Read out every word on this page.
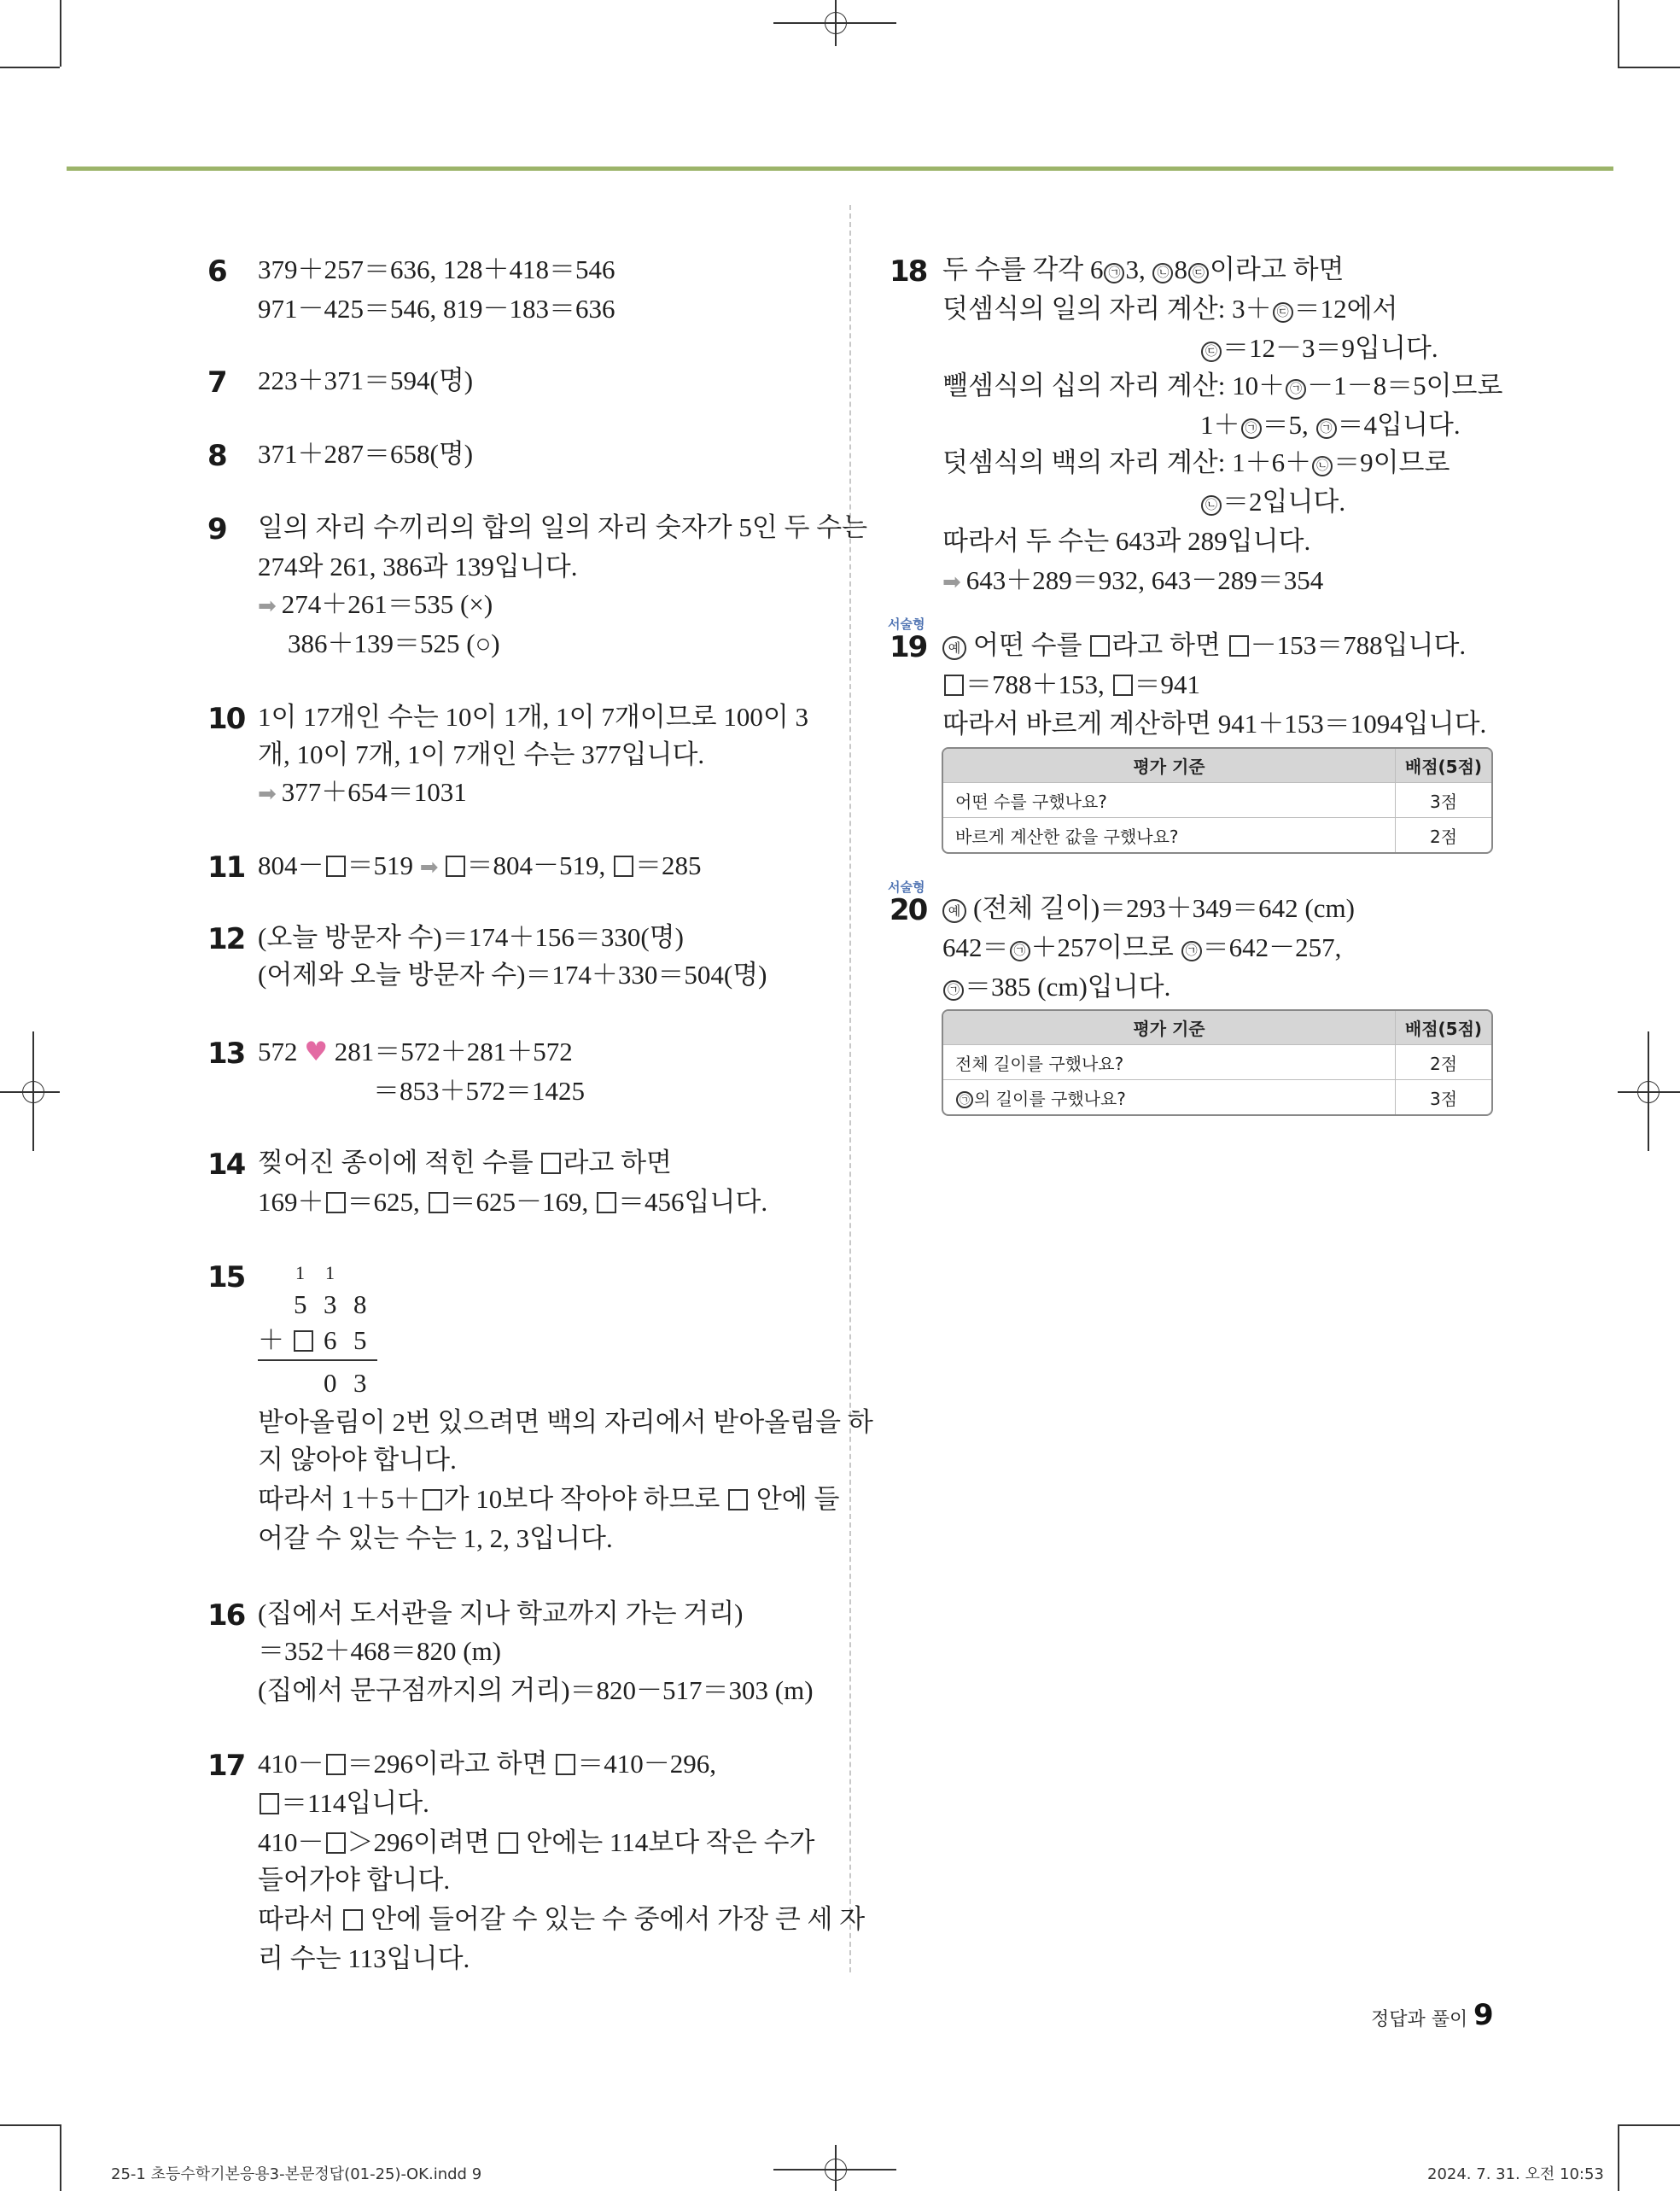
6 379＋257＝636, 128＋418＝546
971－425＝546, 819－183＝636
7 223＋371＝594(명)
8 371＋287＝658(명)
9 일의 자리 수끼리의 합의 일의 자리 숫자가 5인 두 수는
274와 261, 386과 139입니다.
➡ 274＋261＝535 (×)
386＋139＝525 (○)
10 1이 17개인 수는 10이 1개, 1이 7개이므로 100이 3
개, 10이 7개, 1이 7개인 수는 377입니다.
➡ 377＋654＝1031
11 804－ ＝519 ➡ ＝804－519, ＝285
12 (오늘 방문자 수)＝174＋156＝330(명)
(어제와 오늘 방문자 수)＝174＋330＝504(명)
13 572 ♥ 281＝572＋281＋572
＝853＋572＝1425
14 찢어진 종이에 적힌 수를 라고 하면
169＋ ＝625, ＝625－169, ＝456입니다.
15	1 1
5 3 8
＋ 6 5
0 3
받아올림이 2번 있으려면 백의 자리에서 받아올림을 하
지 않아야 합니다.
따라서 1＋5＋ 가 10보다 작아야 하므로 안에 들
어갈 수 있는 수는 1, 2, 3입니다.
16 (집에서 도서관을 지나 학교까지 가는 거리)
＝352＋468＝820 (m)
(집에서 문구점까지의 거리)＝820－517＝303 (m)
17 410－ ＝296이라고 하면 ＝410－296,
＝114입니다.
410－ ＞296이려면 안에는 114보다 작은 수가
들어가야 합니다.
따라서 안에 들어갈 수 있는 수 중에서 가장 큰 세 자
리 수는 113입니다.
18 두 수를 각각 6 ㉠ 3, ㉡ 8 ㉢ 이라고 하면
덧셈식의 일의 자리 계산: 3＋ ㉢ ＝12에서
㉢ ＝12－3＝9입니다.
뺄셈식의 십의 자리 계산: 10＋ ㉠ －1－8＝5이므로
1＋ ㉠ ＝5, ㉠ ＝4입니다.
덧셈식의 백의 자리 계산: 1＋6＋ ㉡ ＝9이므로
㉡ ＝2입니다.
따라서 두 수는 643과 289입니다.
➡ 643＋289＝932, 643－289＝354
서술형
19	예 어떤 수를 라고 하면 －153＝788입니다.
＝788＋153, ＝941
따라서 바르게 계산하면 941＋153＝1094입니다.
평가 기준	배점(5점)
어떤 수를 구했나요?	3점
바르게 계산한 값을 구했나요?	2점
서술형
20	예 (전체 길이)＝293＋349＝642 (cm)
642＝ ㉠ ＋257이므로 ㉠ ＝642－257,
㉠ ＝385 (cm)입니다.
평가 기준	배점(5점)
전체 길이를 구했나요?	2점
㉠ 의 길이를 구했나요?	3점
정답과 풀이 9
25-1 초등수학기본응용3-본문정답(01-25)-OK.indd 9	2024. 7. 31. 오전 10:53
